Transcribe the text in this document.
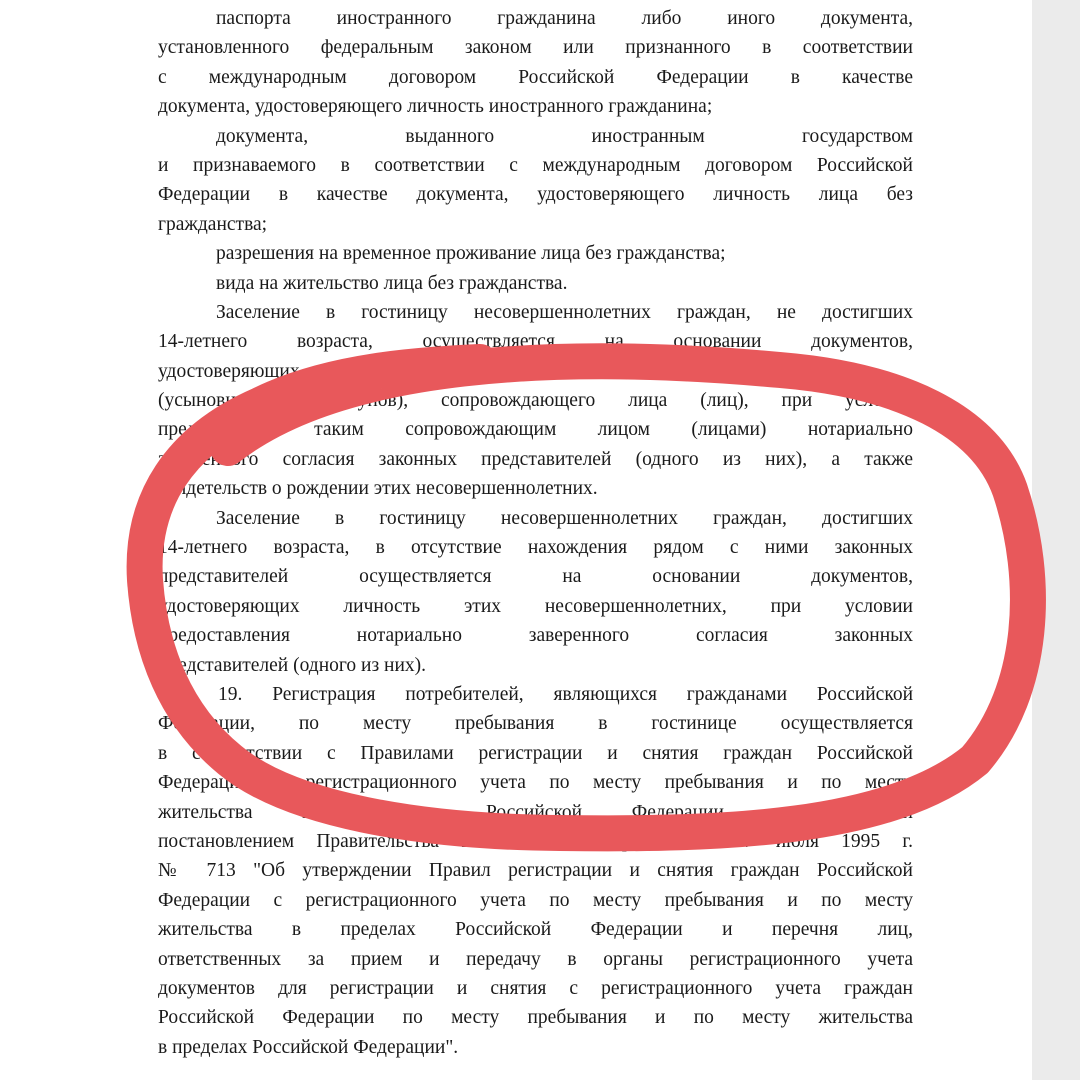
паспорта иностранного гражданина либо иного документа,
установленного федеральным законом или признанного в соответствии
с международным договором Российской Федерации в качестве
документа, удостоверяющего личность иностранного гражданина;
документа, выданного иностранным государством
и признаваемого в соответствии с международным договором Российской
Федерации в качестве документа, удостоверяющего личность лица без
гражданства;
разрешения на временное проживание лица без гражданства;
вида на жительство лица без гражданства.
Заселение в гостиницу несовершеннолетних граждан, не достигших
14-летнего возраста, осуществляется на основании документов,
удостоверяющих
(усыновителей, опекунов), сопровождающего лица (лиц), при условии
предъявления таким сопровождающим лицом (лицами) нотариально
заверенного согласия законных представителей (одного из них), а также
свидетельств о рождении этих несовершеннолетних.
Заселение в гостиницу несовершеннолетних граждан, достигших
14-летнего возраста, в отсутствие нахождения рядом с ними законных
представителей осуществляется на основании документов,
удостоверяющих личность этих несовершеннолетних, при условии
предоставления нотариально заверенного согласия законных
представителей (одного из них).
19. Регистрация потребителей, являющихся гражданами Российской
Федерации, по месту пребывания в гостинице осуществляется
в соответствии с Правилами регистрации и снятия граждан Российской
Федерации с регистрационного учета по месту пребывания и по месту
жительства в пределах Российской Федерации, утвержденными
постановлением Правительства Российской Федерации от 17 июля 1995 г.
№ 713 "Об утверждении Правил регистрации и снятия граждан Российской
Федерации с регистрационного учета по месту пребывания и по месту
жительства в пределах Российской Федерации и перечня лиц,
ответственных за прием и передачу в органы регистрационного учета
документов для регистрации и снятия с регистрационного учета граждан
Российской Федерации по месту пребывания и по месту жительства
в пределах Российской Федерации".
